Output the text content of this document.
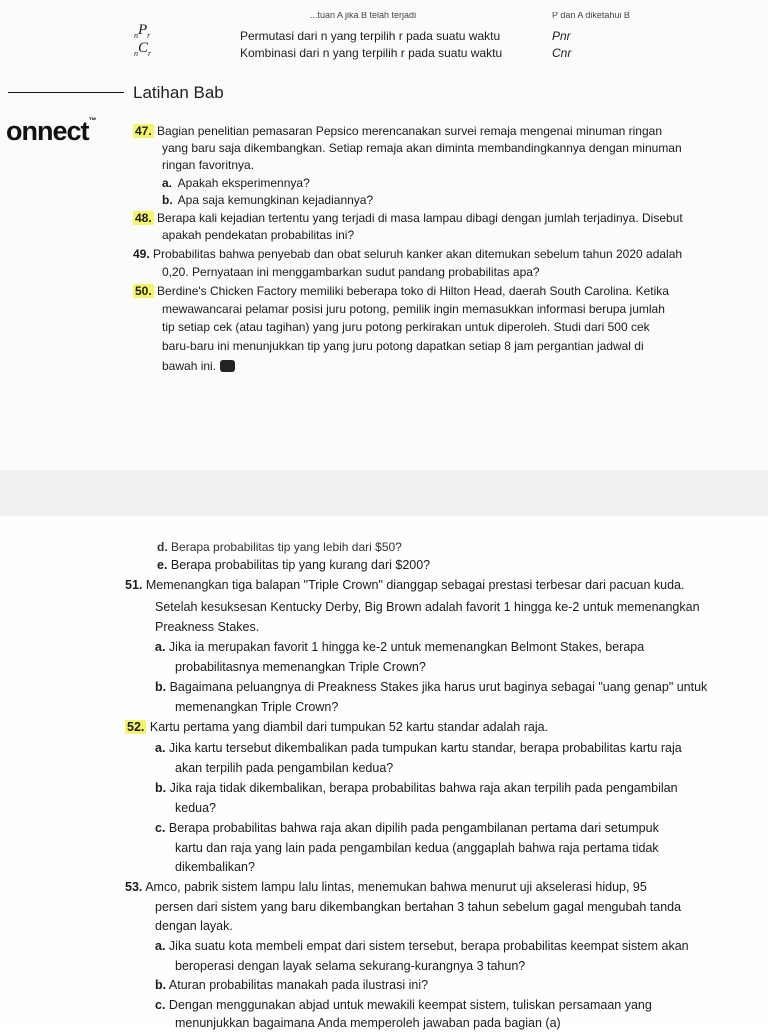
...tuan A jika B telah terjadi	P dan A diketahui B
$_nP_r$	Permutasi dari n yang terpilih r pada suatu waktu	Pnr
$_nC_r$	Kombinasi dari n yang terpilih r pada suatu waktu	Cnr
Latihan Bab
onnect™
47. Bagian penelitian pemasaran Pepsico merencanakan survei remaja mengenai minuman ringan
yang baru saja dikembangkan. Setiap remaja akan diminta membandingkannya dengan minuman
ringan favoritnya.
a. Apakah eksperimennya?
b. Apa saja kemungkinan kejadiannya?
48. Berapa kali kejadian tertentu yang terjadi di masa lampau dibagi dengan jumlah terjadinya. Disebut
apakah pendekatan probabilitas ini?
49. Probabilitas bahwa penyebab dan obat seluruh kanker akan ditemukan sebelum tahun 2020 adalah
0,20. Pernyataan ini menggambarkan sudut pandang probabilitas apa?
50. Berdine's Chicken Factory memiliki beberapa toko di Hilton Head, daerah South Carolina. Ketika
mewawancarai pelamar posisi juru potong, pemilik ingin memasukkan informasi berupa jumlah
tip setiap cek (atau tagihan) yang juru potong perkirakan untuk diperoleh. Studi dari 500 cek
baru-baru ini menunjukkan tip yang juru potong dapatkan setiap 8 jam pergantian jadwal di
bawah ini.
d. Berapa probabilitas tip yang lebih dari $50?
e. Berapa probabilitas tip yang kurang dari $200?
51. Memenangkan tiga balapan "Triple Crown" dianggap sebagai prestasi terbesar dari pacuan kuda.
Setelah kesuksesan Kentucky Derby, Big Brown adalah favorit 1 hingga ke-2 untuk memenangkan
Preakness Stakes.
a. Jika ia merupakan favorit 1 hingga ke-2 untuk memenangkan Belmont Stakes, berapa
probabilitasnya memenangkan Triple Crown?
b. Bagaimana peluangnya di Preakness Stakes jika harus urut baginya sebagai "uang genap" untuk
memenangkan Triple Crown?
52. Kartu pertama yang diambil dari tumpukan 52 kartu standar adalah raja.
a. Jika kartu tersebut dikembalikan pada tumpukan kartu standar, berapa probabilitas kartu raja
akan terpilih pada pengambilan kedua?
b. Jika raja tidak dikembalikan, berapa probabilitas bahwa raja akan terpilih pada pengambilan
kedua?
c. Berapa probabilitas bahwa raja akan dipilih pada pengambilanan pertama dari setumpuk
kartu dan raja yang lain pada pengambilan kedua (anggaplah bahwa raja pertama tidak
dikembalikan?
53. Amco, pabrik sistem lampu lalu lintas, menemukan bahwa menurut uji akselerasi hidup, 95
persen dari sistem yang baru dikembangkan bertahan 3 tahun sebelum gagal mengubah tanda
dengan layak.
a. Jika suatu kota membeli empat dari sistem tersebut, berapa probabilitas keempat sistem akan
beroperasi dengan layak selama sekurang-kurangnya 3 tahun?
b. Aturan probabilitas manakah pada ilustrasi ini?
c. Dengan menggunakan abjad untuk mewakili keempat sistem, tuliskan persamaan yang
menunjukkan bagaimana Anda memperoleh jawaban pada bagian (a)
